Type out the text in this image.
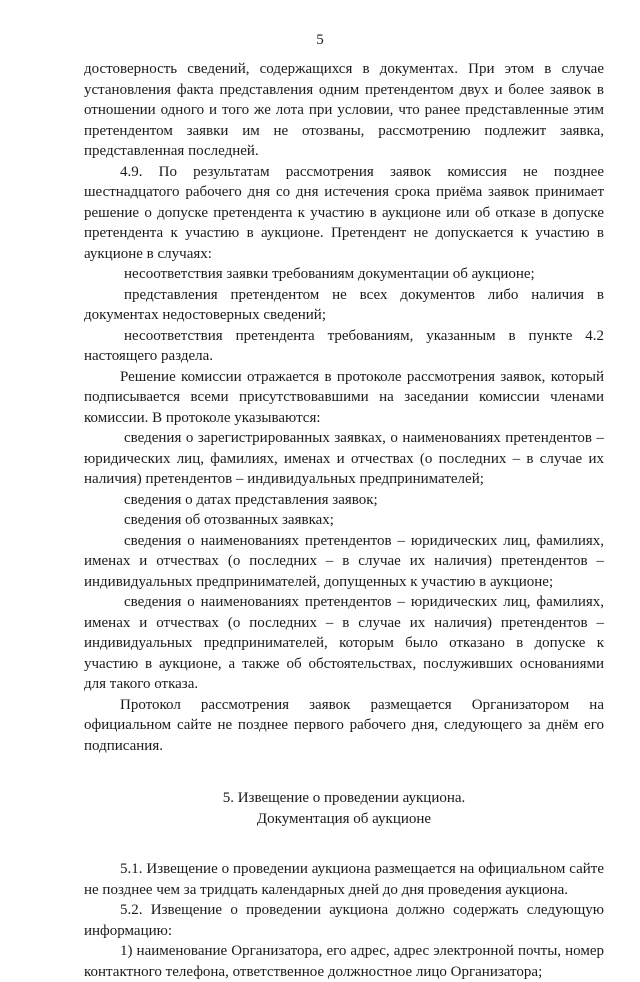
5

достоверность сведений, содержащихся в документах. При этом в случае установления факта представления одним претендентом двух и более заявок в отношении одного и того же лота при условии, что ранее представленные этим претендентом заявки им не отозваны, рассмотрению подлежит заявка, представленная последней.

4.9. По результатам рассмотрения заявок комиссия не позднее шестнадцатого рабочего дня со дня истечения срока приёма заявок принимает решение о допуске претендента к участию в аукционе или об отказе в допуске претендента к участию в аукционе. Претендент не допускается к участию в аукционе в случаях:

несоответствия заявки требованиям документации об аукционе;

представления претендентом не всех документов либо наличия в документах недостоверных сведений;

несоответствия претендента требованиям, указанным в пункте 4.2 настоящего раздела.

Решение комиссии отражается в протоколе рассмотрения заявок, который подписывается всеми присутствовавшими на заседании комиссии членами комиссии. В протоколе указываются:

сведения о зарегистрированных заявках, о наименованиях претендентов – юридических лиц, фамилиях, именах и отчествах (о последних – в случае их наличия) претендентов – индивидуальных предпринимателей;

сведения о датах представления заявок;

сведения об отозванных заявках;

сведения о наименованиях претендентов – юридических лиц, фамилиях, именах и отчествах (о последних – в случае их наличия) претендентов – индивидуальных предпринимателей, допущенных к участию в аукционе;

сведения о наименованиях претендентов – юридических лиц, фамилиях, именах и отчествах (о последних – в случае их наличия) претендентов – индивидуальных предпринимателей, которым было отказано в допуске к участию в аукционе, а также об обстоятельствах, послуживших основаниями для такого отказа.

Протокол рассмотрения заявок размещается Организатором на официальном сайте не позднее первого рабочего дня, следующего за днём его подписания.

5. Извещение о проведении аукциона.
Документация об аукционе

5.1. Извещение о проведении аукциона размещается на официальном сайте не позднее чем за тридцать календарных дней до дня проведения аукциона.

5.2. Извещение о проведении аукциона должно содержать следующую информацию:

1) наименование Организатора, его адрес, адрес электронной почты, номер контактного телефона, ответственное должностное лицо Организатора;
